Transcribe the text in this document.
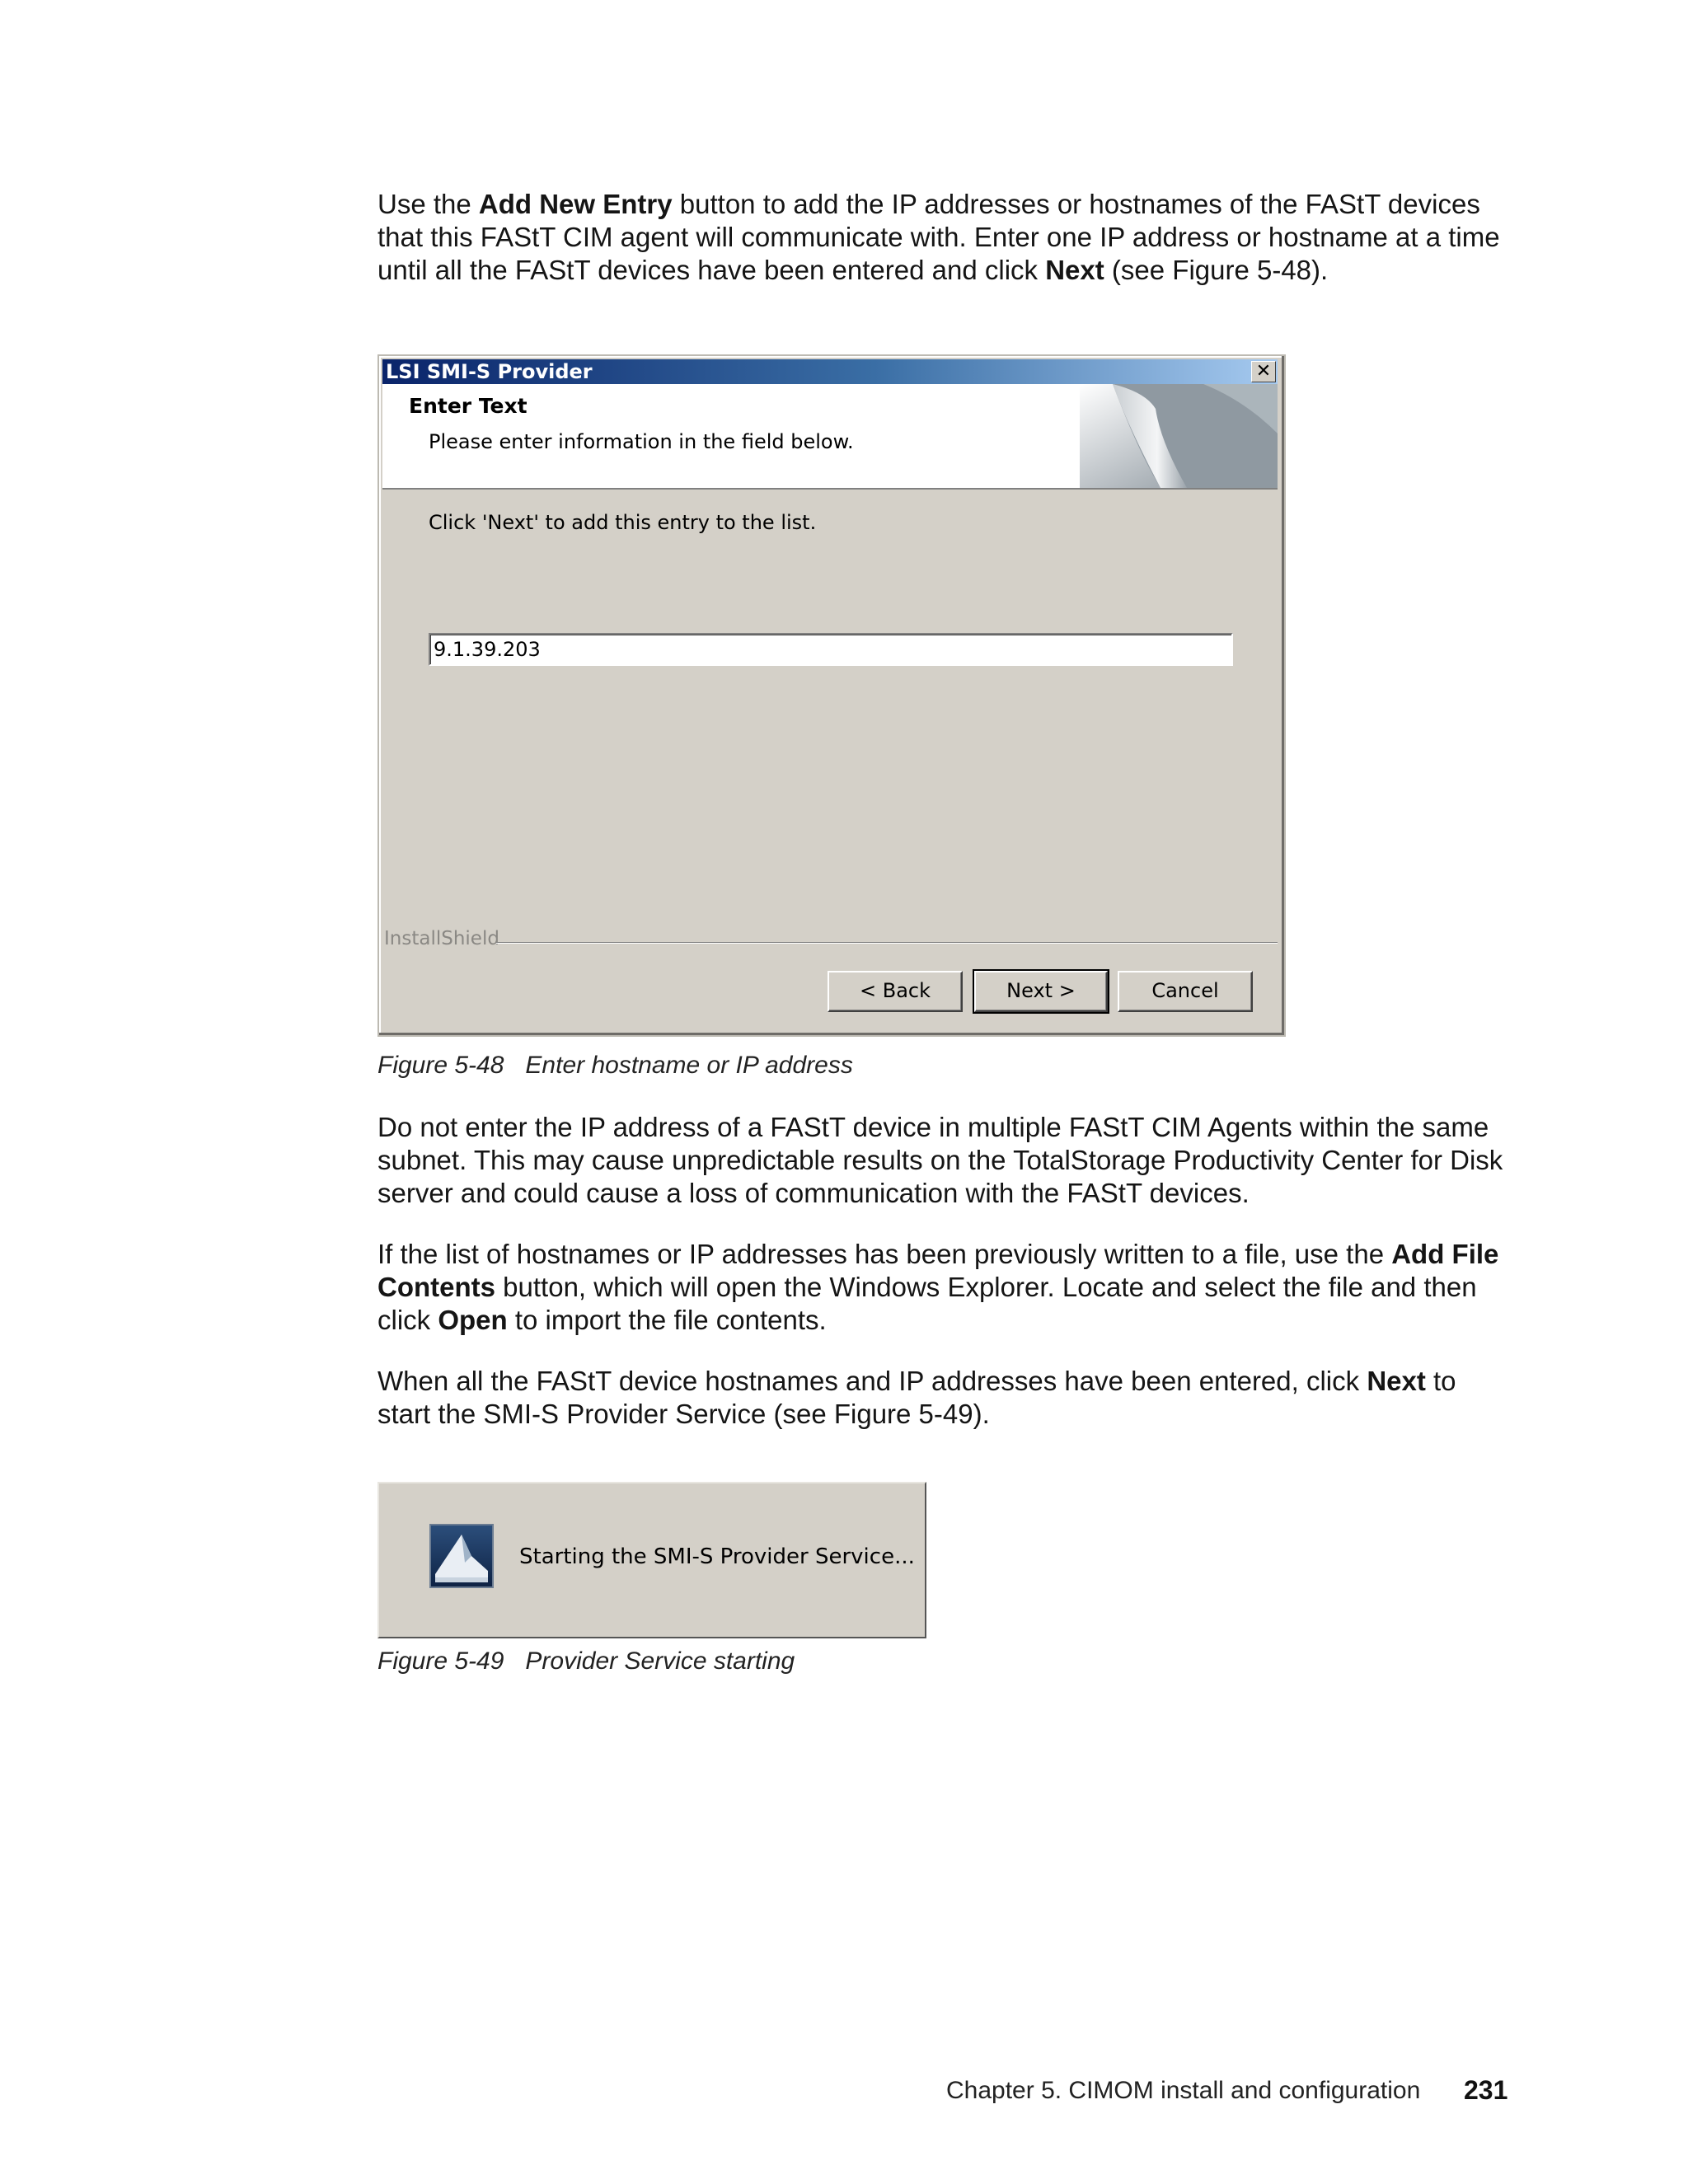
Use the Add New Entry button to add the IP addresses or hostnames of the FAStT devices that this FAStT CIM agent will communicate with. Enter one IP address or hostname at a time until all the FAStT devices have been entered and click Next (see Figure 5-48).

LSI SMI-S Provider	✕
Enter Text
Please enter information in the field below.
Click 'Next' to add this entry to the list.
9.1.39.203
InstallShield
< Back	Next >	Cancel
Figure 5-48 Enter hostname or IP address

Do not enter the IP address of a FAStT device in multiple FAStT CIM Agents within the same subnet. This may cause unpredictable results on the TotalStorage Productivity Center for Disk server and could cause a loss of communication with the FAStT devices.

If the list of hostnames or IP addresses has been previously written to a file, use the Add File Contents button, which will open the Windows Explorer. Locate and select the file and then click Open to import the file contents.

When all the FAStT device hostnames and IP addresses have been entered, click Next to start the SMI-S Provider Service (see Figure 5-49).

Starting the SMI-S Provider Service...
Figure 5-49 Provider Service starting
Chapter 5. CIMOM install and configuration 231
